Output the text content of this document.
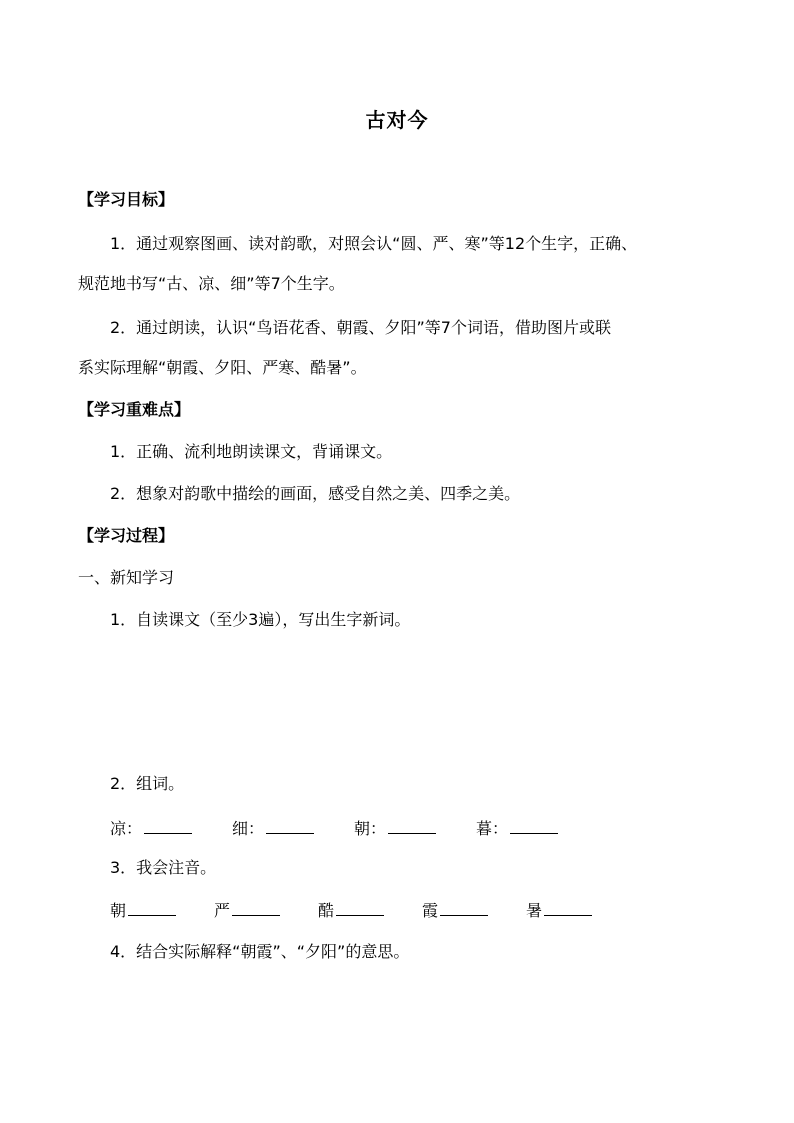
古对今
【学习目标】
1．通过观察图画、读对韵歌，对照会认“圆、严、寒”等12个生字，正确、
规范地书写“古、凉、细”等7个生字。
2．通过朗读，认识“鸟语花香、朝霞、夕阳”等7个词语，借助图片或联
系实际理解“朝霞、夕阳、严寒、酷暑”。
【学习重难点】
1．正确、流利地朗读课文，背诵课文。
2．想象对韵歌中描绘的画面，感受自然之美、四季之美。
【学习过程】
一、新知学习
1．自读课文（至少3遍），写出生字新词。
2．组词。
凉：	细：	朝：	暮：
3．我会注音。
朝	严	酷	霞	暑
4．结合实际解释“朝霞”、“夕阳”的意思。
